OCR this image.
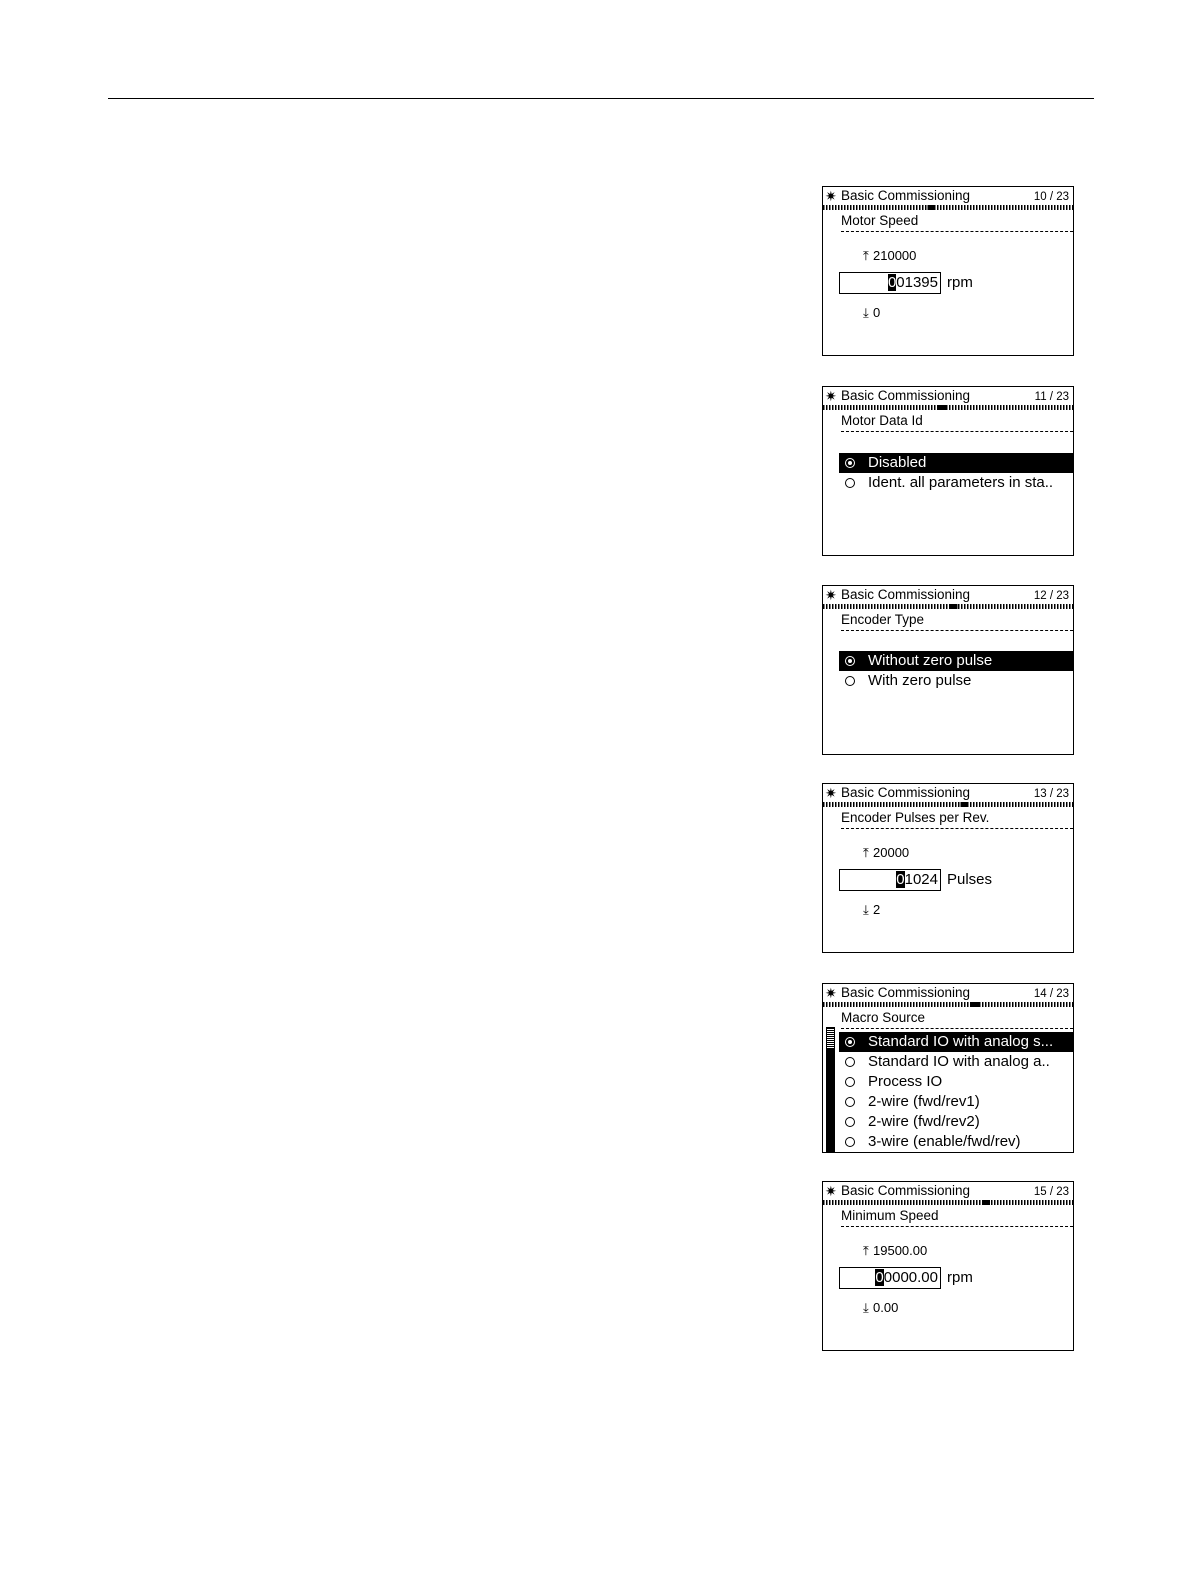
✷ Basic Commissioning	10 / 23
Motor Speed
⤒ 210000
001395 rpm
⤓ 0
✷ Basic Commissioning	11 / 23
Motor Data Id
Disabled
Ident. all parameters in sta..
✷ Basic Commissioning	12 / 23
Encoder Type
Without zero pulse
With zero pulse
✷ Basic Commissioning	13 / 23
Encoder Pulses per Rev.
⤒ 20000
01024 Pulses
⤓ 2
✷ Basic Commissioning	14 / 23
Macro Source
Standard IO with analog s...
Standard IO with analog a..
Process IO
2-wire (fwd/rev1)
2-wire (fwd/rev2)
3-wire (enable/fwd/rev)
✷ Basic Commissioning	15 / 23
Minimum Speed
⤒ 19500.00
00000.00 rpm
⤓ 0.00
